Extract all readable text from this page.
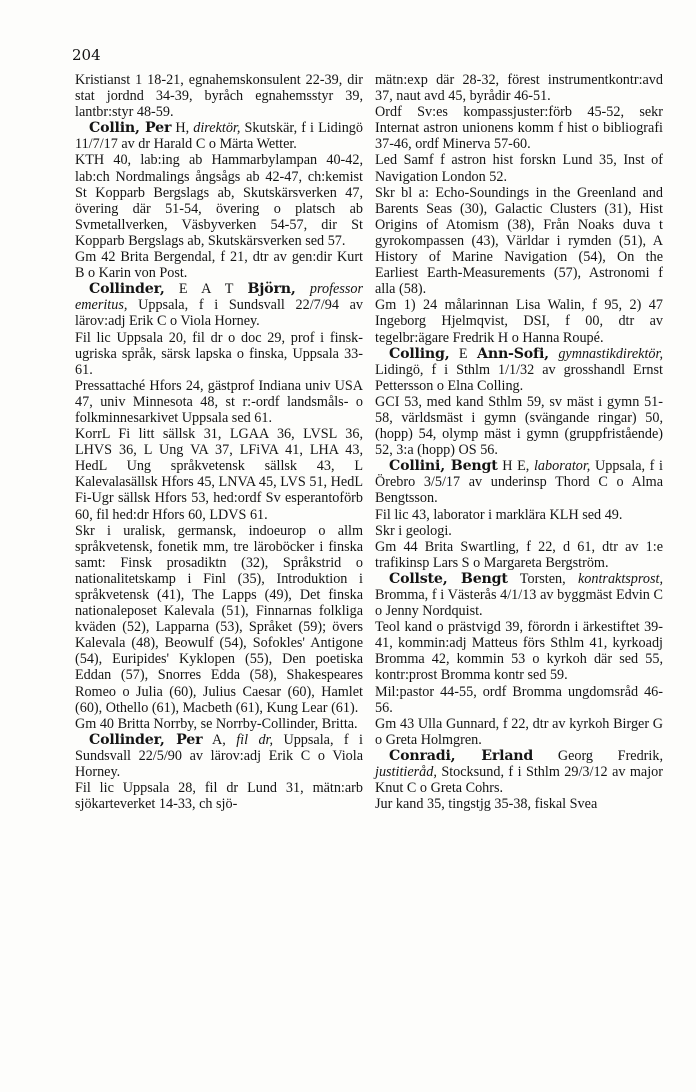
204

Kristianst 1 18-21, egnahemskonsulent 22-39, dir stat jordnd 34-39, byråch egnahemsstyr 39, lantbr:styr 48-59.

Collin, Per H, direktör, Skutskär, f i Lidingö 11/7/17 av dr Harald C o Märta Wetter.

KTH 40, lab:ing ab Hammarbylampan 40-42, lab:ch Nordmalings ångsågs ab 42-47, ch:kemist St Kopparb Bergslags ab, Skutskärsverken 47, övering där 51-54, övering o platsch ab Svmetallverken, Väsbyverken 54-57, dir St Kopparb Bergslags ab, Skutskärsverken sed 57.

Gm 42 Brita Bergendal, f 21, dtr av gen:dir Kurt B o Karin von Post.

Collinder, E A T Björn, professor emeritus, Uppsala, f i Sundsvall 22/7/94 av lärov:adj Erik C o Viola Horney.

Fil lic Uppsala 20, fil dr o doc 29, prof i finsk-ugriska språk, särsk lapska o finska, Uppsala 33-61.

Pressattaché Hfors 24, gästprof Indiana univ USA 47, univ Minnesota 48, st r:-ordf landsmåls- o folkminnesarkivet Uppsala sed 61.

KorrL Fi litt sällsk 31, LGAA 36, LVSL 36, LHVS 36, L Ung VA 37, LFiVA 41, LHA 43, HedL Ung språkvetensk sällsk 43, L Kalevalasällsk Hfors 45, LNVA 45, LVS 51, HedL Fi-Ugr sällsk Hfors 53, hed:ordf Sv esperantoförb 60, fil hed:dr Hfors 60, LDVS 61.

Skr i uralisk, germansk, indoeurop o allm språkvetensk, fonetik mm, tre läroböcker i finska samt: Finsk prosadiktn (32), Språkstrid o nationalitetskamp i Finl (35), Introduktion i språkvetensk (41), The Lapps (49), Det finska nationaleposet Kalevala (51), Finnarnas folkliga kväden (52), Lapparna (53), Språket (59); övers Kalevala (48), Beowulf (54), Sofokles' Antigone (54), Euripides' Kyklopen (55), Den poetiska Eddan (57), Snorres Edda (58), Shakespeares Romeo o Julia (60), Julius Caesar (60), Hamlet (60), Othello (61), Macbeth (61), Kung Lear (61).

Gm 40 Britta Norrby, se Norrby-Collinder, Britta.

Collinder, Per A, fil dr, Uppsala, f i Sundsvall 22/5/90 av lärov:adj Erik C o Viola Horney.

Fil lic Uppsala 28, fil dr Lund 31, mätn:arb sjökarteverket 14-33, ch sjö-

mätn:exp där 28-32, förest instrumentkontr:avd 37, naut avd 45, byrådir 46-51.

Ordf Sv:es kompassjuster:förb 45-52, sekr Internat astron unionens komm f hist o bibliografi 37-46, ordf Minerva 57-60.

Led Samf f astron hist forskn Lund 35, Inst of Navigation London 52.

Skr bl a: Echo-Soundings in the Greenland and Barents Seas (30), Galactic Clusters (31), Hist Origins of Atomism (38), Från Noaks duva t gyrokompassen (43), Världar i rymden (51), A History of Marine Navigation (54), On the Earliest Earth-Measurements (57), Astronomi f alla (58).

Gm 1) 24 målarinnan Lisa Walin, f 95, 2) 47 Ingeborg Hjelmqvist, DSI, f 00, dtr av tegelbr:ägare Fredrik H o Hanna Roupé.

Colling, E Ann-Sofi, gymnastikdirektör, Lidingö, f i Sthlm 1/1/32 av grosshandl Ernst Pettersson o Elna Colling.

GCI 53, med kand Sthlm 59, sv mäst i gymn 51-58, världsmäst i gymn (svängande ringar) 50, (hopp) 54, olymp mäst i gymn (gruppfristående) 52, 3:a (hopp) OS 56.

Collini, Bengt H E, laborator, Uppsala, f i Örebro 3/5/17 av underinsp Thord C o Alma Bengtsson.

Fil lic 43, laborator i marklära KLH sed 49.

Skr i geologi.

Gm 44 Brita Swartling, f 22, d 61, dtr av 1:e trafikinsp Lars S o Margareta Bergström.

Collste, Bengt Torsten, kontraktsprost, Bromma, f i Västerås 4/1/13 av byggmäst Edvin C o Jenny Nordquist.

Teol kand o prästvigd 39, förordn i ärkestiftet 39-41, kommin:adj Matteus förs Sthlm 41, kyrkoadj Bromma 42, kommin 53 o kyrkoh där sed 55, kontr:prost Bromma kontr sed 59.

Mil:pastor 44-55, ordf Bromma ungdomsråd 46-56.

Gm 43 Ulla Gunnard, f 22, dtr av kyrkoh Birger G o Greta Holmgren.

Conradi, Erland Georg Fredrik, justitieråd, Stocksund, f i Sthlm 29/3/12 av major Knut C o Greta Cohrs.

Jur kand 35, tingstjg 35-38, fiskal Svea
